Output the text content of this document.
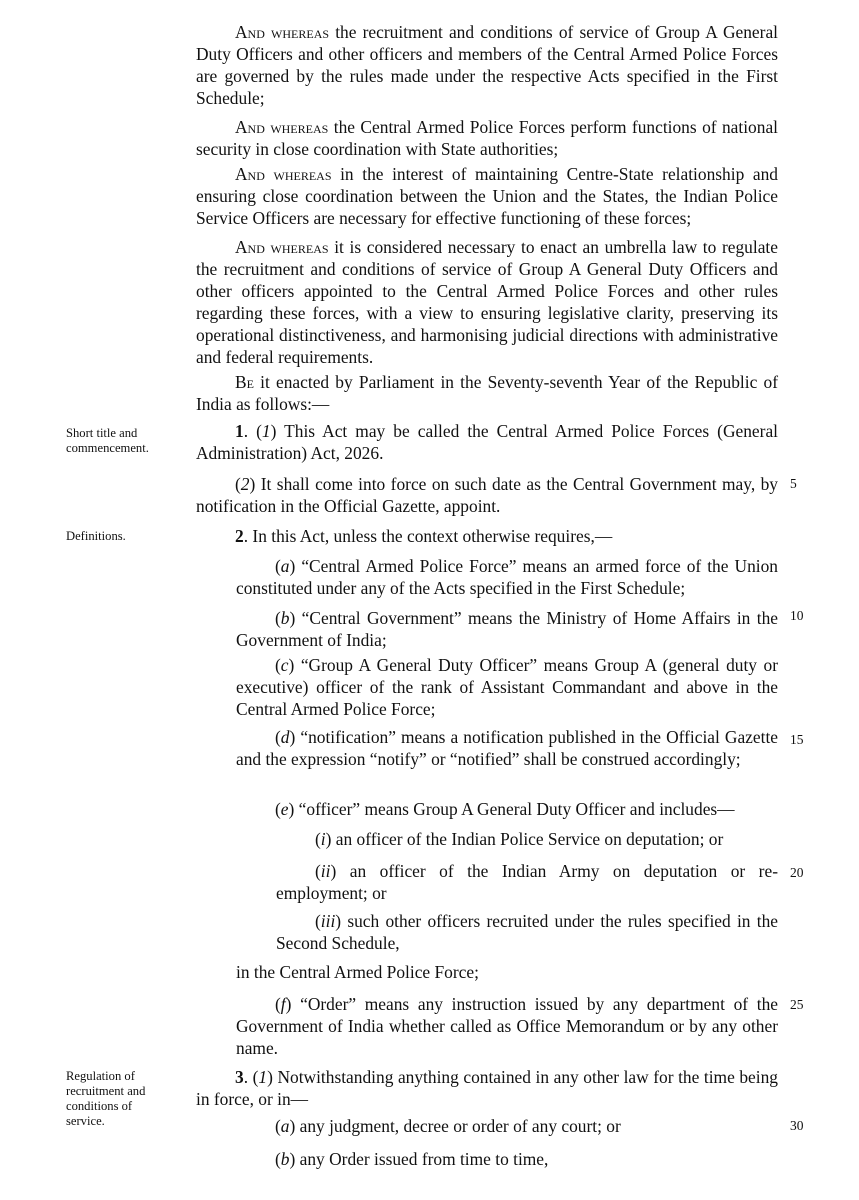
And whereas the recruitment and conditions of service of Group A General Duty Officers and other officers and members of the Central Armed Police Forces are governed by the rules made under the respective Acts specified in the First Schedule;

And whereas the Central Armed Police Forces perform functions of national security in close coordination with State authorities;

And whereas in the interest of maintaining Centre-State relationship and ensuring close coordination between the Union and the States, the Indian Police Service Officers are necessary for effective functioning of these forces;

And whereas it is considered necessary to enact an umbrella law to regulate the recruitment and conditions of service of Group A General Duty Officers and other officers appointed to the Central Armed Police Forces and other rules regarding these forces, with a view to ensuring legislative clarity, preserving its operational distinctiveness, and harmonising judicial directions with administrative and federal requirements.

Be it enacted by Parliament in the Seventy-seventh Year of the Republic of India as follows:—

Short title and commencement.

Definitions.

Regulation of recruitment and conditions of service.

1. (1) This Act may be called the Central Armed Police Forces (General Administration) Act, 2026.

(2) It shall come into force on such date as the Central Government may, by notification in the Official Gazette, appoint.

2. In this Act, unless the context otherwise requires,—

(a) “Central Armed Police Force” means an armed force of the Union constituted under any of the Acts specified in the First Schedule;

(b) “Central Government” means the Ministry of Home Affairs in the Government of India;

(c) “Group A General Duty Officer” means Group A (general duty or executive) officer of the rank of Assistant Commandant and above in the Central Armed Police Force;

(d) “notification” means a notification published in the Official Gazette and the expression “notify” or “notified” shall be construed accordingly;

(e) “officer” means Group A General Duty Officer and includes—

(i) an officer of the Indian Police Service on deputation; or

(ii) an officer of the Indian Army on deputation or re-employment; or

(iii) such other officers recruited under the rules specified in the Second Schedule,

in the Central Armed Police Force;

(f) “Order” means any instruction issued by any department of the Government of India whether called as Office Memorandum or by any other name.

3. (1) Notwithstanding anything contained in any other law for the time being in force, or in—

(a) any judgment, decree or order of any court; or

(b) any Order issued from time to time,

5
10
15
20
25
30
